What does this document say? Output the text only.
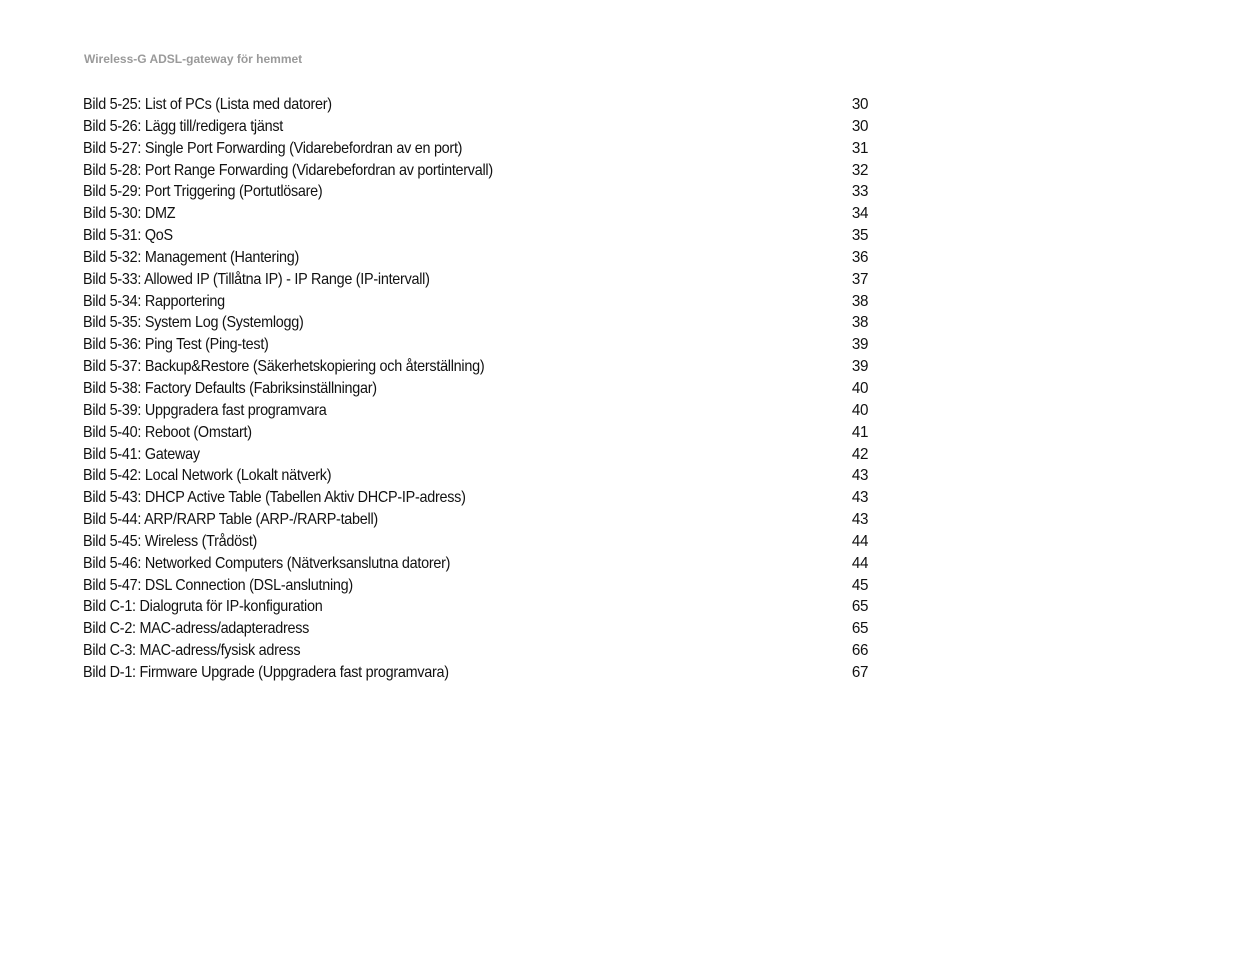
Wireless-G ADSL-gateway för hemmet
Bild 5-25: List of PCs (Lista med datorer)	30
Bild 5-26: Lägg till/redigera tjänst	30
Bild 5-27: Single Port Forwarding (Vidarebefordran av en port)	31
Bild 5-28: Port Range Forwarding (Vidarebefordran av portintervall)	32
Bild 5-29: Port Triggering (Portutlösare)	33
Bild 5-30: DMZ	34
Bild 5-31: QoS	35
Bild 5-32: Management (Hantering)	36
Bild 5-33: Allowed IP (Tillåtna IP) - IP Range (IP-intervall)	37
Bild 5-34: Rapportering	38
Bild 5-35: System Log (Systemlogg)	38
Bild 5-36: Ping Test (Ping-test)	39
Bild 5-37: Backup&Restore (Säkerhetskopiering och återställning)	39
Bild 5-38: Factory Defaults (Fabriksinställningar)	40
Bild 5-39: Uppgradera fast programvara	40
Bild 5-40: Reboot (Omstart)	41
Bild 5-41: Gateway	42
Bild 5-42: Local Network (Lokalt nätverk)	43
Bild 5-43: DHCP Active Table (Tabellen Aktiv DHCP-IP-adress)	43
Bild 5-44: ARP/RARP Table (ARP-/RARP-tabell)	43
Bild 5-45: Wireless (Trådöst)	44
Bild 5-46: Networked Computers (Nätverksanslutna datorer)	44
Bild 5-47: DSL Connection (DSL-anslutning)	45
Bild C-1: Dialogruta för IP-konfiguration	65
Bild C-2: MAC-adress/adapteradress	65
Bild C-3: MAC-adress/fysisk adress	66
Bild D-1: Firmware Upgrade (Uppgradera fast programvara)	67
